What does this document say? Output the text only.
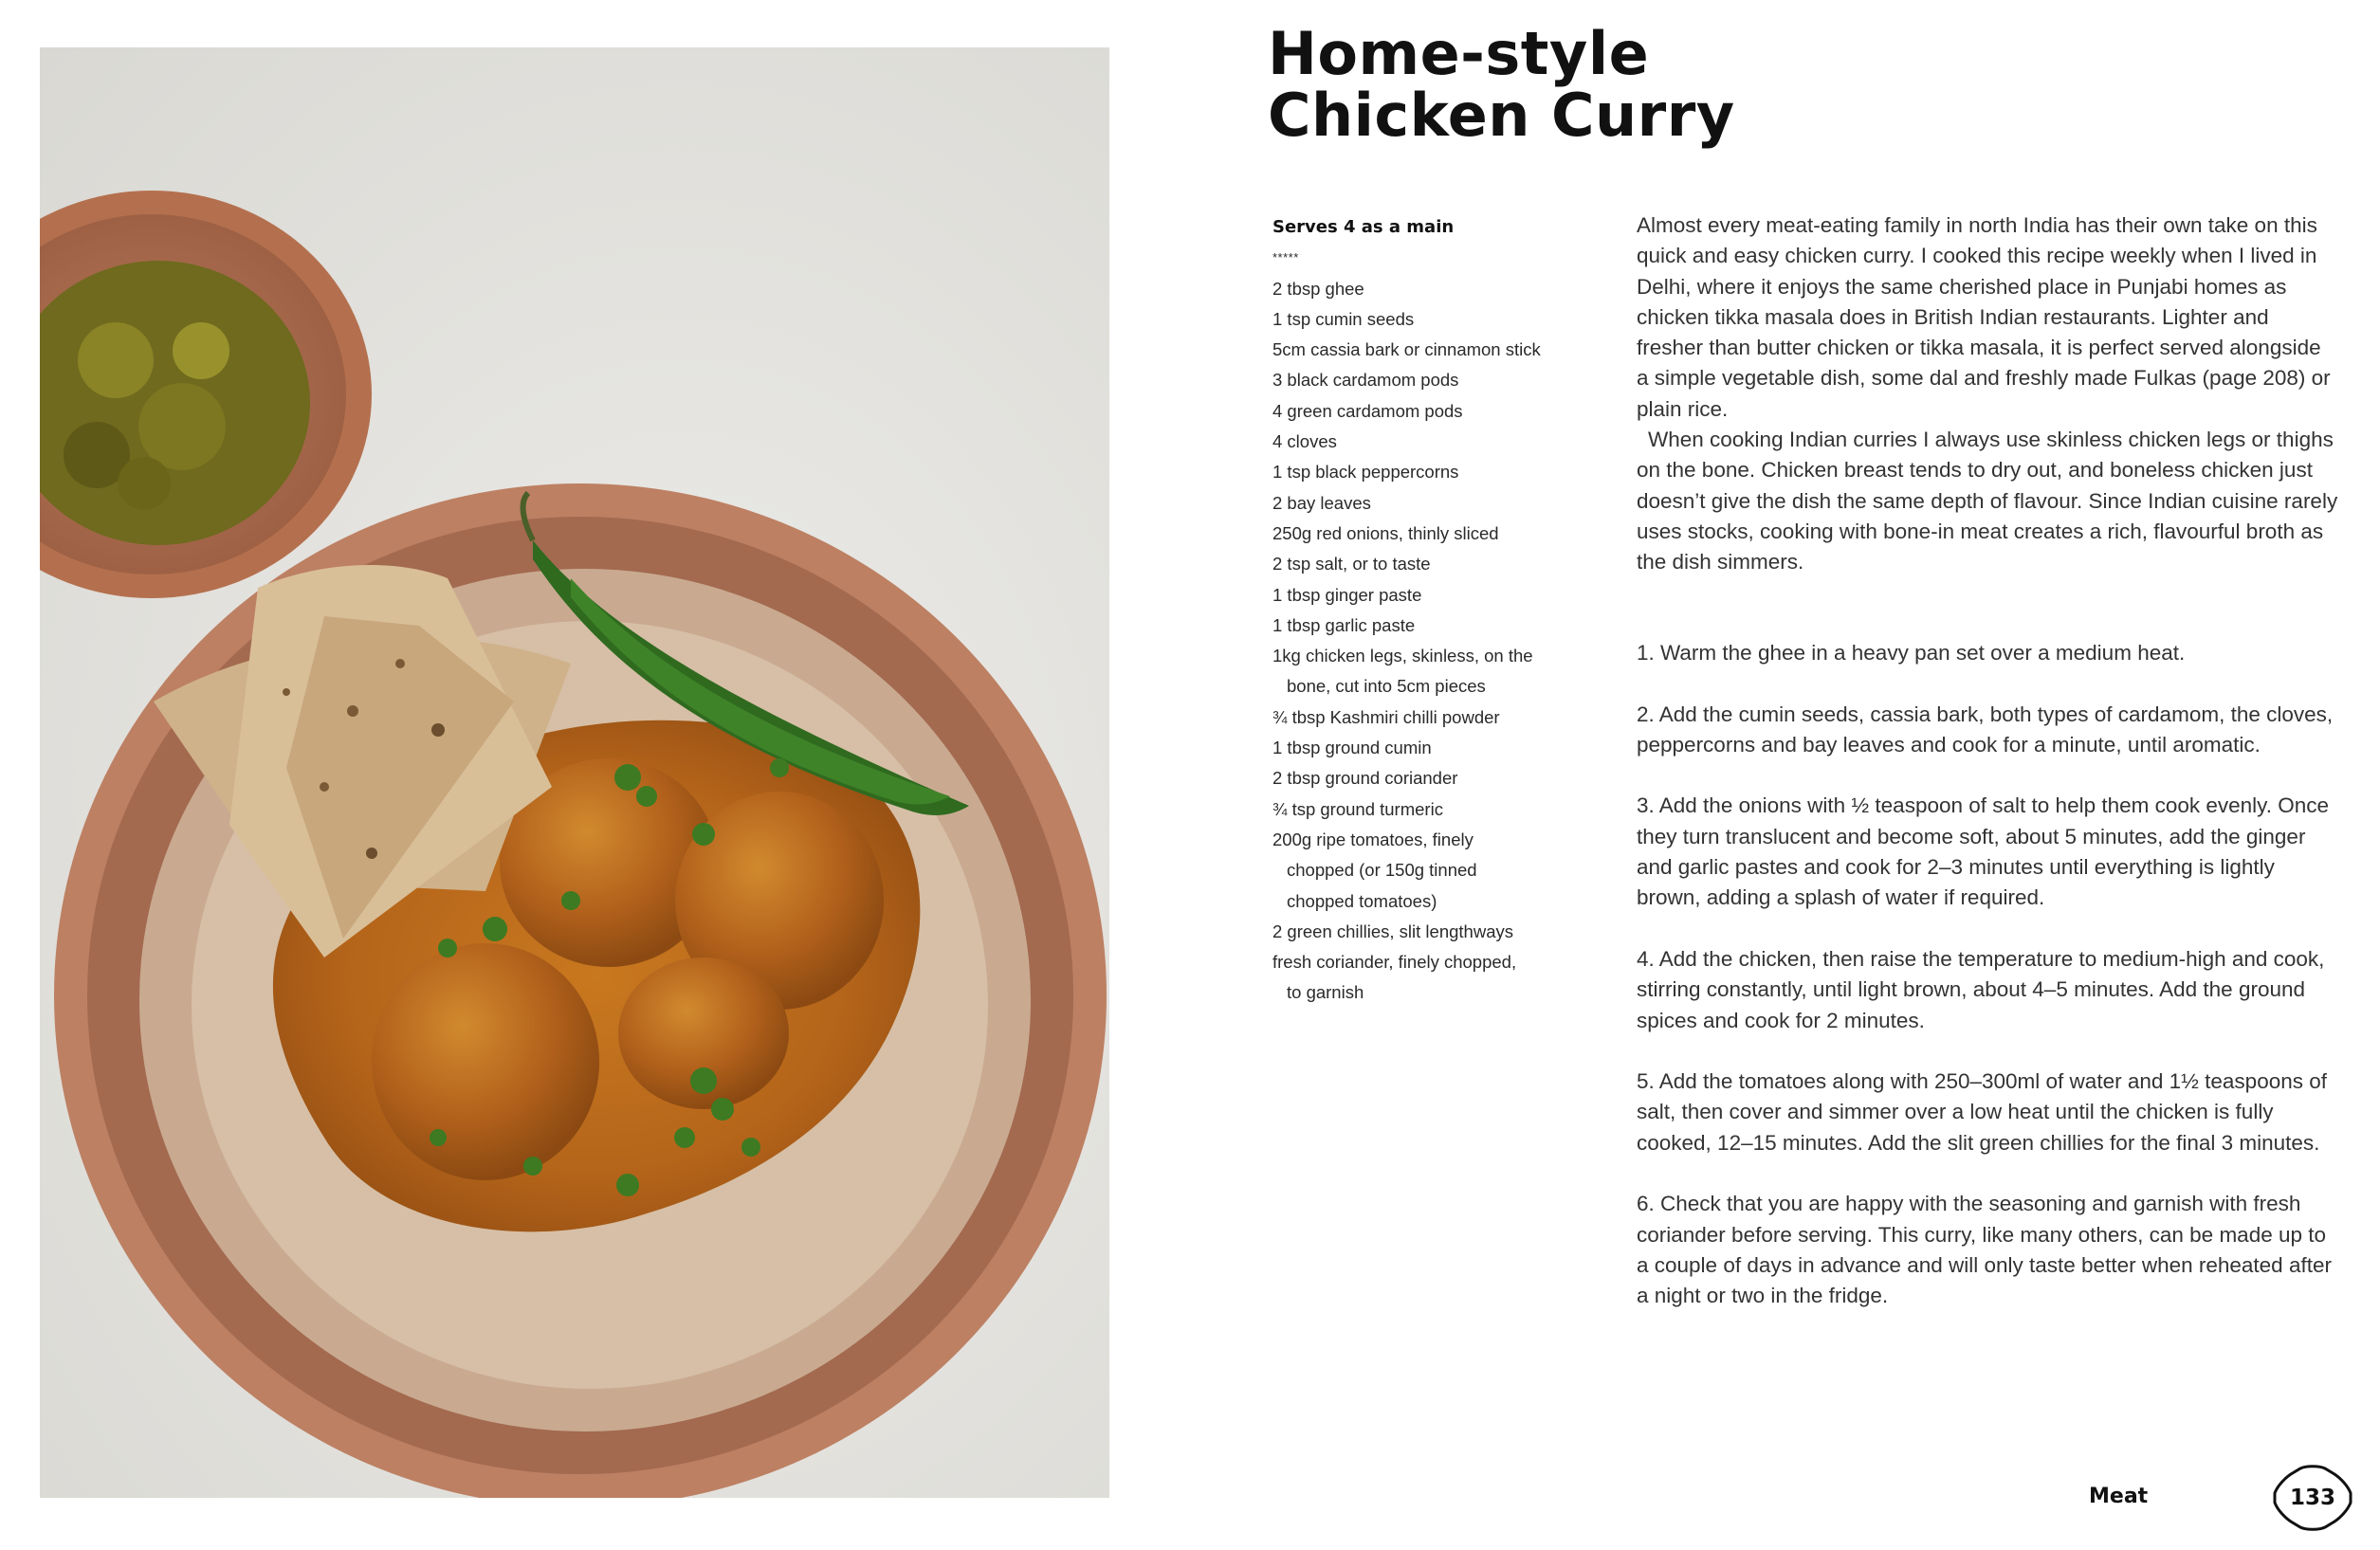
Home-style
Chicken Curry
Serves 4 as a main
*****
2 tbsp ghee
1 tsp cumin seeds
5cm cassia bark or cinnamon stick
3 black cardamom pods
4 green cardamom pods
4 cloves
1 tsp black peppercorns
2 bay leaves
250g red onions, thinly sliced
2 tsp salt, or to taste
1 tbsp ginger paste
1 tbsp garlic paste
1kg chicken legs, skinless, on the
bone, cut into 5cm pieces
¾ tbsp Kashmiri chilli powder
1 tbsp ground cumin
2 tbsp ground coriander
¾ tsp ground turmeric
200g ripe tomatoes, finely
chopped (or 150g tinned
chopped tomatoes)
2 green chillies, slit lengthways
fresh coriander, finely chopped,
to garnish

Almost every meat-eating family in north India has their own take on this quick and easy chicken curry. I cooked this recipe weekly when I lived in Delhi, where it enjoys the same cherished place in Punjabi homes as chicken tikka masala does in British Indian restaurants. Lighter and fresher than butter chicken or tikka masala, it is perfect served alongside a simple vegetable dish, some dal and freshly made Fulkas (page 208) or plain rice.

When cooking Indian curries I always use skinless chicken legs or thighs on the bone. Chicken breast tends to dry out, and boneless chicken just doesn’t give the dish the same depth of flavour. Since Indian cuisine rarely uses stocks, cooking with bone-in meat creates a rich, flavourful broth as the dish simmers.

1. Warm the ghee in a heavy pan set over a medium heat.

2. Add the cumin seeds, cassia bark, both types of cardamom, the cloves, peppercorns and bay leaves and cook for a minute, until aromatic.

3. Add the onions with ½ teaspoon of salt to help them cook evenly. Once they turn translucent and become soft, about 5 minutes, add the ginger and garlic pastes and cook for 2–3 minutes until everything is lightly brown, adding a splash of water if required.

4. Add the chicken, then raise the temperature to medium-high and cook, stirring constantly, until light brown, about 4–5 minutes. Add the ground spices and cook for 2 minutes.

5. Add the tomatoes along with 250–300ml of water and 1½ teaspoons of salt, then cover and simmer over a low heat until the chicken is fully cooked, 12–15 minutes. Add the slit green chillies for the final 3 minutes.

6. Check that you are happy with the seasoning and garnish with fresh coriander before serving. This curry, like many others, can be made up to a couple of days in advance and will only taste better when reheated after a night or two in the fridge.

Meat	133
